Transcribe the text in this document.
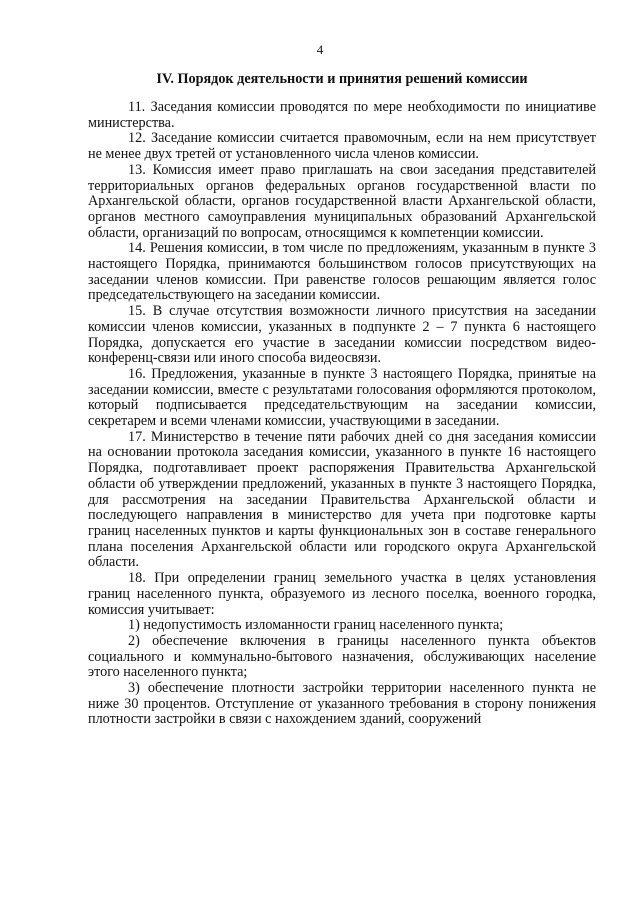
4
IV. Порядок деятельности и принятия решений комиссии

11. Заседания комиссии проводятся по мере необходимости по инициативе министерства.

12. Заседание комиссии считается правомочным, если на нем присутствует не менее двух третей от установленного числа членов комиссии.

13. Комиссия имеет право приглашать на свои заседания представителей территориальных органов федеральных органов государственной власти по Архангельской области, органов государственной власти Архангельской области, органов местного самоуправления муниципальных образований Архангельской области, организаций по вопросам, относящимся к компетенции комиссии.

14. Решения комиссии, в том числе по предложениям, указанным в пункте 3 настоящего Порядка, принимаются большинством голосов присутствующих на заседании членов комиссии. При равенстве голосов решающим является голос председательствующего на заседании комиссии.

15. В случае отсутствия возможности личного присутствия на заседании комиссии членов комиссии, указанных в подпункте 2 – 7 пункта 6 настоящего Порядка, допускается его участие в заседании комиссии посредством видео-конференц-связи или иного способа видеосвязи.

16. Предложения, указанные в пункте 3 настоящего Порядка, принятые на заседании комиссии, вместе с результатами голосования оформляются протоколом, который подписывается председательствующим на заседании комиссии, секретарем и всеми членами комиссии, участвующими в заседании.

17. Министерство в течение пяти рабочих дней со дня заседания комиссии на основании протокола заседания комиссии, указанного в пункте 16 настоящего Порядка, подготавливает проект распоряжения Правительства Архангельской области об утверждении предложений, указанных в пункте 3 настоящего Порядка, для рассмотрения на заседании Правительства Архангельской области и последующего направления в министерство для учета при подготовке карты границ населенных пунктов и карты функциональных зон в составе генерального плана поселения Архангельской области или городского округа Архангельской области.

18. При определении границ земельного участка в целях установления границ населенного пункта, образуемого из лесного поселка, военного городка, комиссия учитывает:

1) недопустимость изломанности границ населенного пункта;

2) обеспечение включения в границы населенного пункта объектов социального и коммунально-бытового назначения, обслуживающих население этого населенного пункта;

3) обеспечение плотности застройки территории населенного пункта не ниже 30 процентов. Отступление от указанного требования в сторону понижения плотности застройки в связи с нахождением зданий, сооружений
